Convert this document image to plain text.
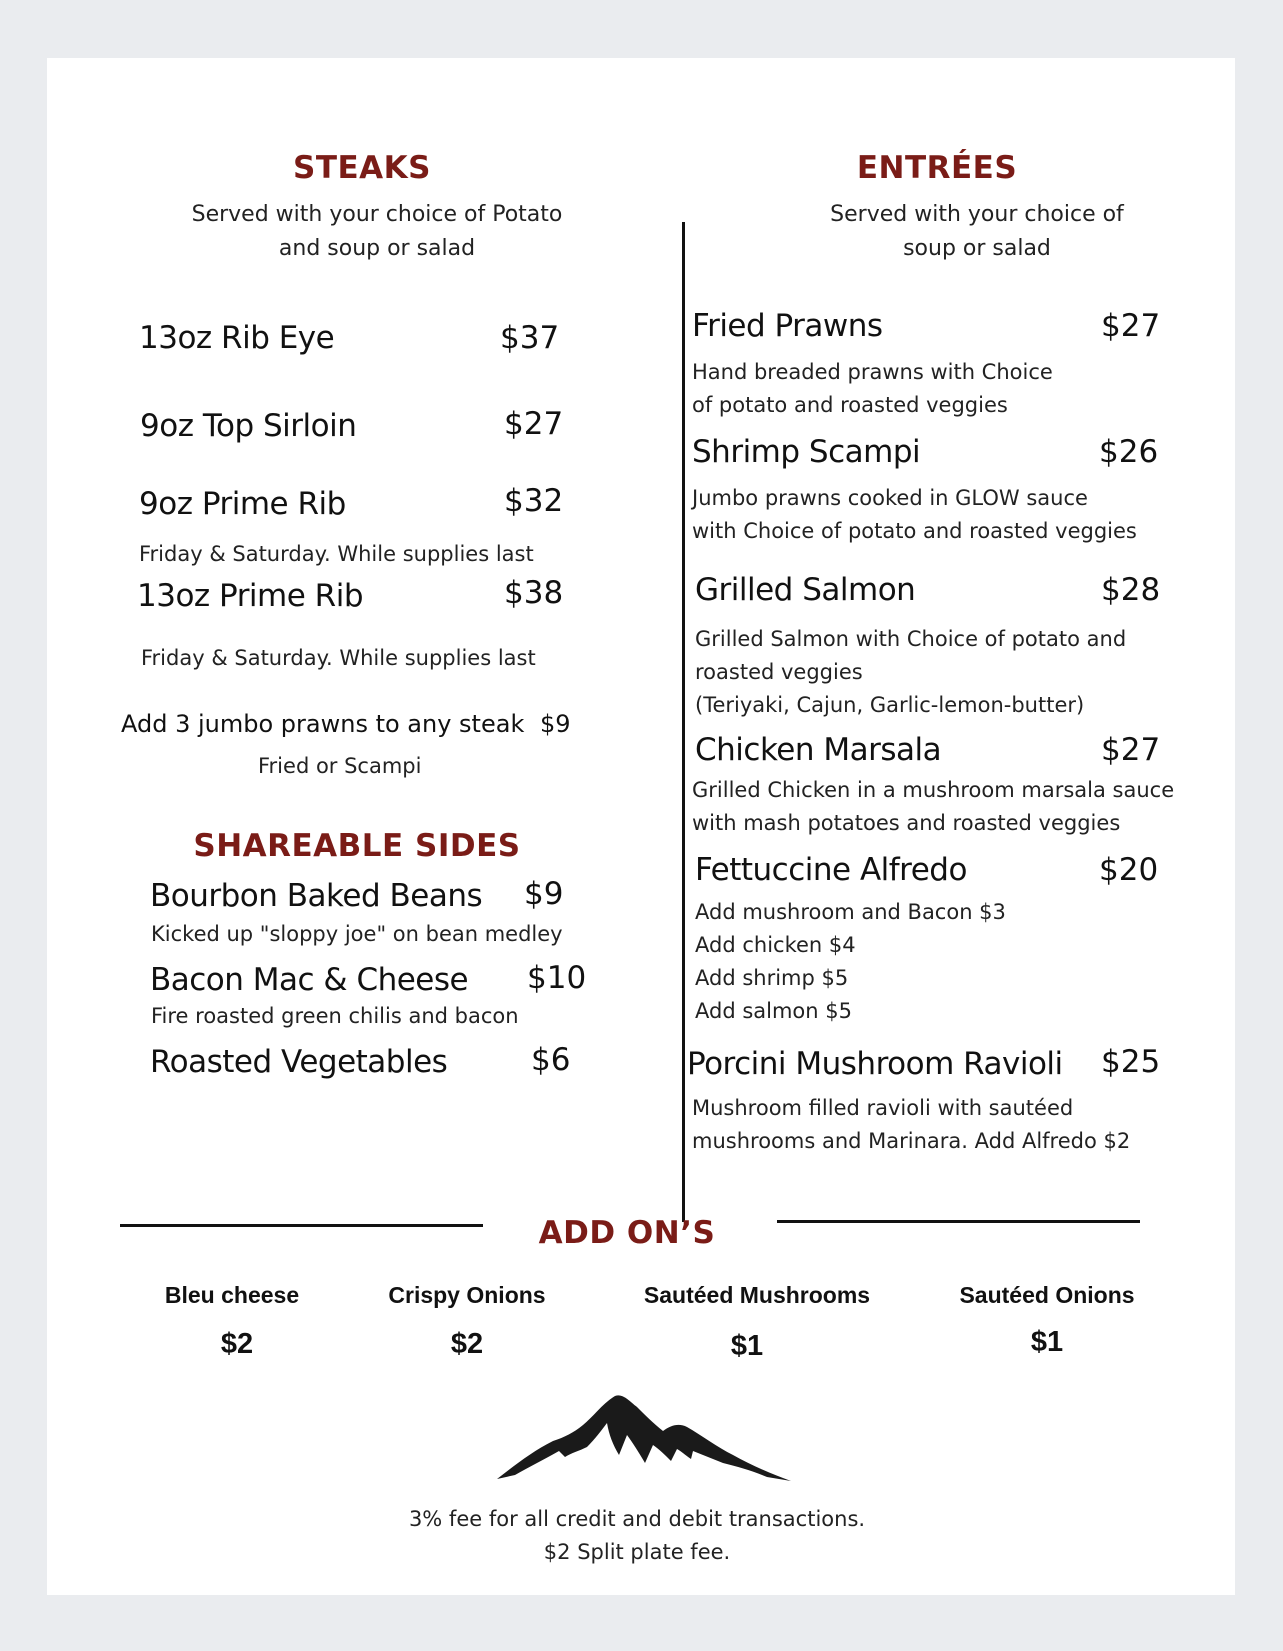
STEAKS
Served with your choice of Potato
and soup or salad
13oz Rib Eye	$37
9oz Top Sirloin	$27
9oz Prime Rib	$32
Friday & Saturday. While supplies last
13oz Prime Rib	$38
Friday & Saturday. While supplies last
Add 3 jumbo prawns to any steak $9
Fried or Scampi
SHAREABLE SIDES
Bourbon Baked Beans $9
Kicked up "sloppy joe" on bean medley
Bacon Mac & Cheese $10
Fire roasted green chilis and bacon
Roasted Vegetables	$6
ENTRÉES
Served with your choice of
soup or salad
Fried Prawns	$27
Hand breaded prawns with Choice
of potato and roasted veggies
Shrimp Scampi	$26
Jumbo prawns cooked in GLOW sauce
with Choice of potato and roasted veggies
Grilled Salmon	$28
Grilled Salmon with Choice of potato and
roasted veggies
(Teriyaki, Cajun, Garlic-lemon-butter)
Chicken Marsala	$27
Grilled Chicken in a mushroom marsala sauce
with mash potatoes and roasted veggies
Fettuccine Alfredo	$20
Add mushroom and Bacon $3
Add chicken $4
Add shrimp $5
Add salmon $5
Porcini Mushroom Ravioli $25
Mushroom filled ravioli with sautéed
mushrooms and Marinara. Add Alfredo $2
ADD ON’S
Bleu cheese
$2
Crispy Onions
$2
Sautéed Mushrooms
$1
Sautéed Onions
$1
3% fee for all credit and debit transactions.
$2 Split plate fee.
